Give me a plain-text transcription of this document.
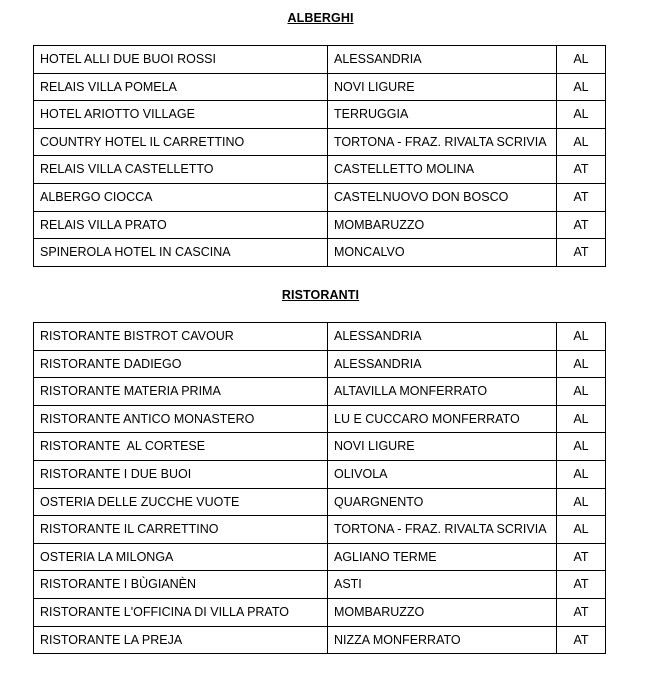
ALBERGHI
HOTEL ALLI DUE BUOI ROSSI	ALESSANDRIA	AL
RELAIS VILLA POMELA	NOVI LIGURE	AL
HOTEL ARIOTTO VILLAGE	TERRUGGIA	AL
COUNTRY HOTEL IL CARRETTINO	TORTONA - FRAZ. RIVALTA SCRIVIA	AL
RELAIS VILLA CASTELLETTO	CASTELLETTO MOLINA	AT
ALBERGO CIOCCA	CASTELNUOVO DON BOSCO	AT
RELAIS VILLA PRATO	MOMBARUZZO	AT
SPINEROLA HOTEL IN CASCINA	MONCALVO	AT
RISTORANTI
RISTORANTE BISTROT CAVOUR	ALESSANDRIA	AL
RISTORANTE DADIEGO	ALESSANDRIA	AL
RISTORANTE MATERIA PRIMA	ALTAVILLA MONFERRATO	AL
RISTORANTE ANTICO MONASTERO	LU E CUCCARO MONFERRATO	AL
RISTORANTE  AL CORTESE	NOVI LIGURE	AL
RISTORANTE I DUE BUOI	OLIVOLA	AL
OSTERIA DELLE ZUCCHE VUOTE	QUARGNENTO	AL
RISTORANTE IL CARRETTINO	TORTONA - FRAZ. RIVALTA SCRIVIA	AL
OSTERIA LA MILONGA	AGLIANO TERME	AT
RISTORANTE I BÙGIANÈN	ASTI	AT
RISTORANTE L'OFFICINA DI VILLA PRATO	MOMBARUZZO	AT
RISTORANTE LA PREJA	NIZZA MONFERRATO	AT
